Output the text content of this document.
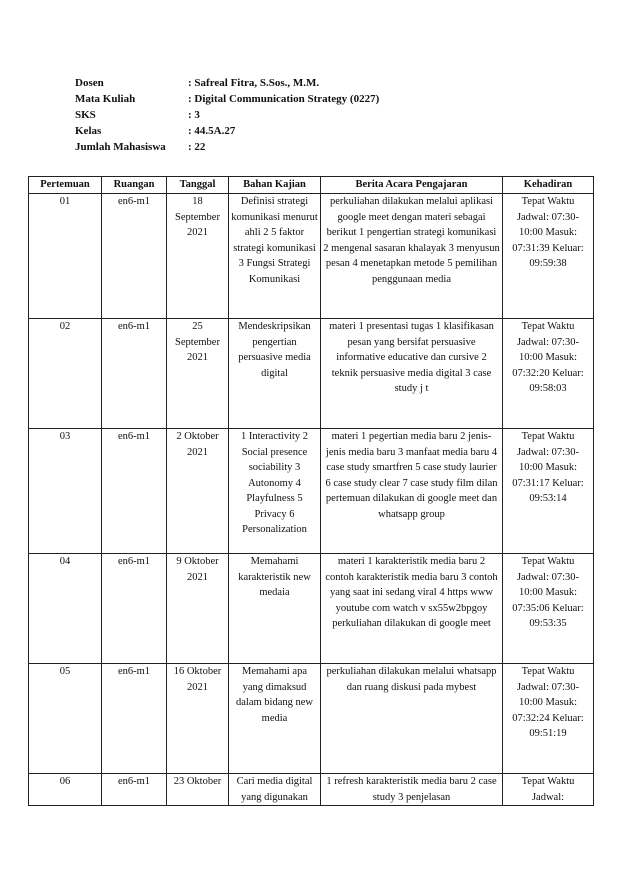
Dosen	: Safreal Fitra, S.Sos., M.M.
Mata Kuliah	: Digital Communication Strategy (0227)
SKS	: 3
Kelas	: 44.5A.27
Jumlah Mahasiswa	: 22
Pertemuan	Ruangan	Tanggal	Bahan Kajian	Berita Acara Pengajaran	Kehadiran
01	en6-m1	18 September 2021	Definisi strategi komunikasi menurut ahli 2 5 faktor strategi komunikasi 3 Fungsi Strategi Komunikasi	perkuliahan dilakukan melalui aplikasi google meet dengan materi sebagai berikut 1 pengertian strategi komunikasi 2 mengenal sasaran khalayak 3 menyusun pesan 4 menetapkan metode 5 pemilihan penggunaan media	Tepat Waktu Jadwal: 07:30-10:00 Masuk: 07:31:39 Keluar: 09:59:38
02	en6-m1	25 September 2021	Mendeskripsikan pengertian persuasive media digital	materi 1 presentasi tugas 1 klasifikasan pesan yang bersifat persuasive informative educative dan cursive 2 teknik persuasive media digital 3 case study j t	Tepat Waktu Jadwal: 07:30-10:00 Masuk: 07:32:20 Keluar: 09:58:03
03	en6-m1	2 Oktober 2021	1 Interactivity 2 Social presence sociability 3 Autonomy 4 Playfulness 5 Privacy 6 Personalization	materi 1 pegertian media baru 2 jenis-jenis media baru 3 manfaat media baru 4 case study smartfren 5 case study laurier 6 case study clear 7 case study film dilan pertemuan dilakukan di google meet dan whatsapp group	Tepat Waktu Jadwal: 07:30-10:00 Masuk: 07:31:17 Keluar: 09:53:14
04	en6-m1	9 Oktober 2021	Memahami karakteristik new medaia	materi 1 karakteristik media baru 2 contoh karakteristik media baru 3 contoh yang saat ini sedang viral 4 https www youtube com watch v sx55w2bpgoy perkuliahan dilakukan di google meet	Tepat Waktu Jadwal: 07:30-10:00 Masuk: 07:35:06 Keluar: 09:53:35
05	en6-m1	16 Oktober 2021	Memahami apa yang dimaksud dalam bidang new media	perkuliahan dilakukan melalui whatsapp dan ruang diskusi pada mybest	Tepat Waktu Jadwal: 07:30-10:00 Masuk: 07:32:24 Keluar: 09:51:19
06	en6-m1	23 Oktober	Cari media digital yang digunakan	1 refresh karakteristik media baru 2 case study 3 penjelasan	Tepat Waktu Jadwal:
